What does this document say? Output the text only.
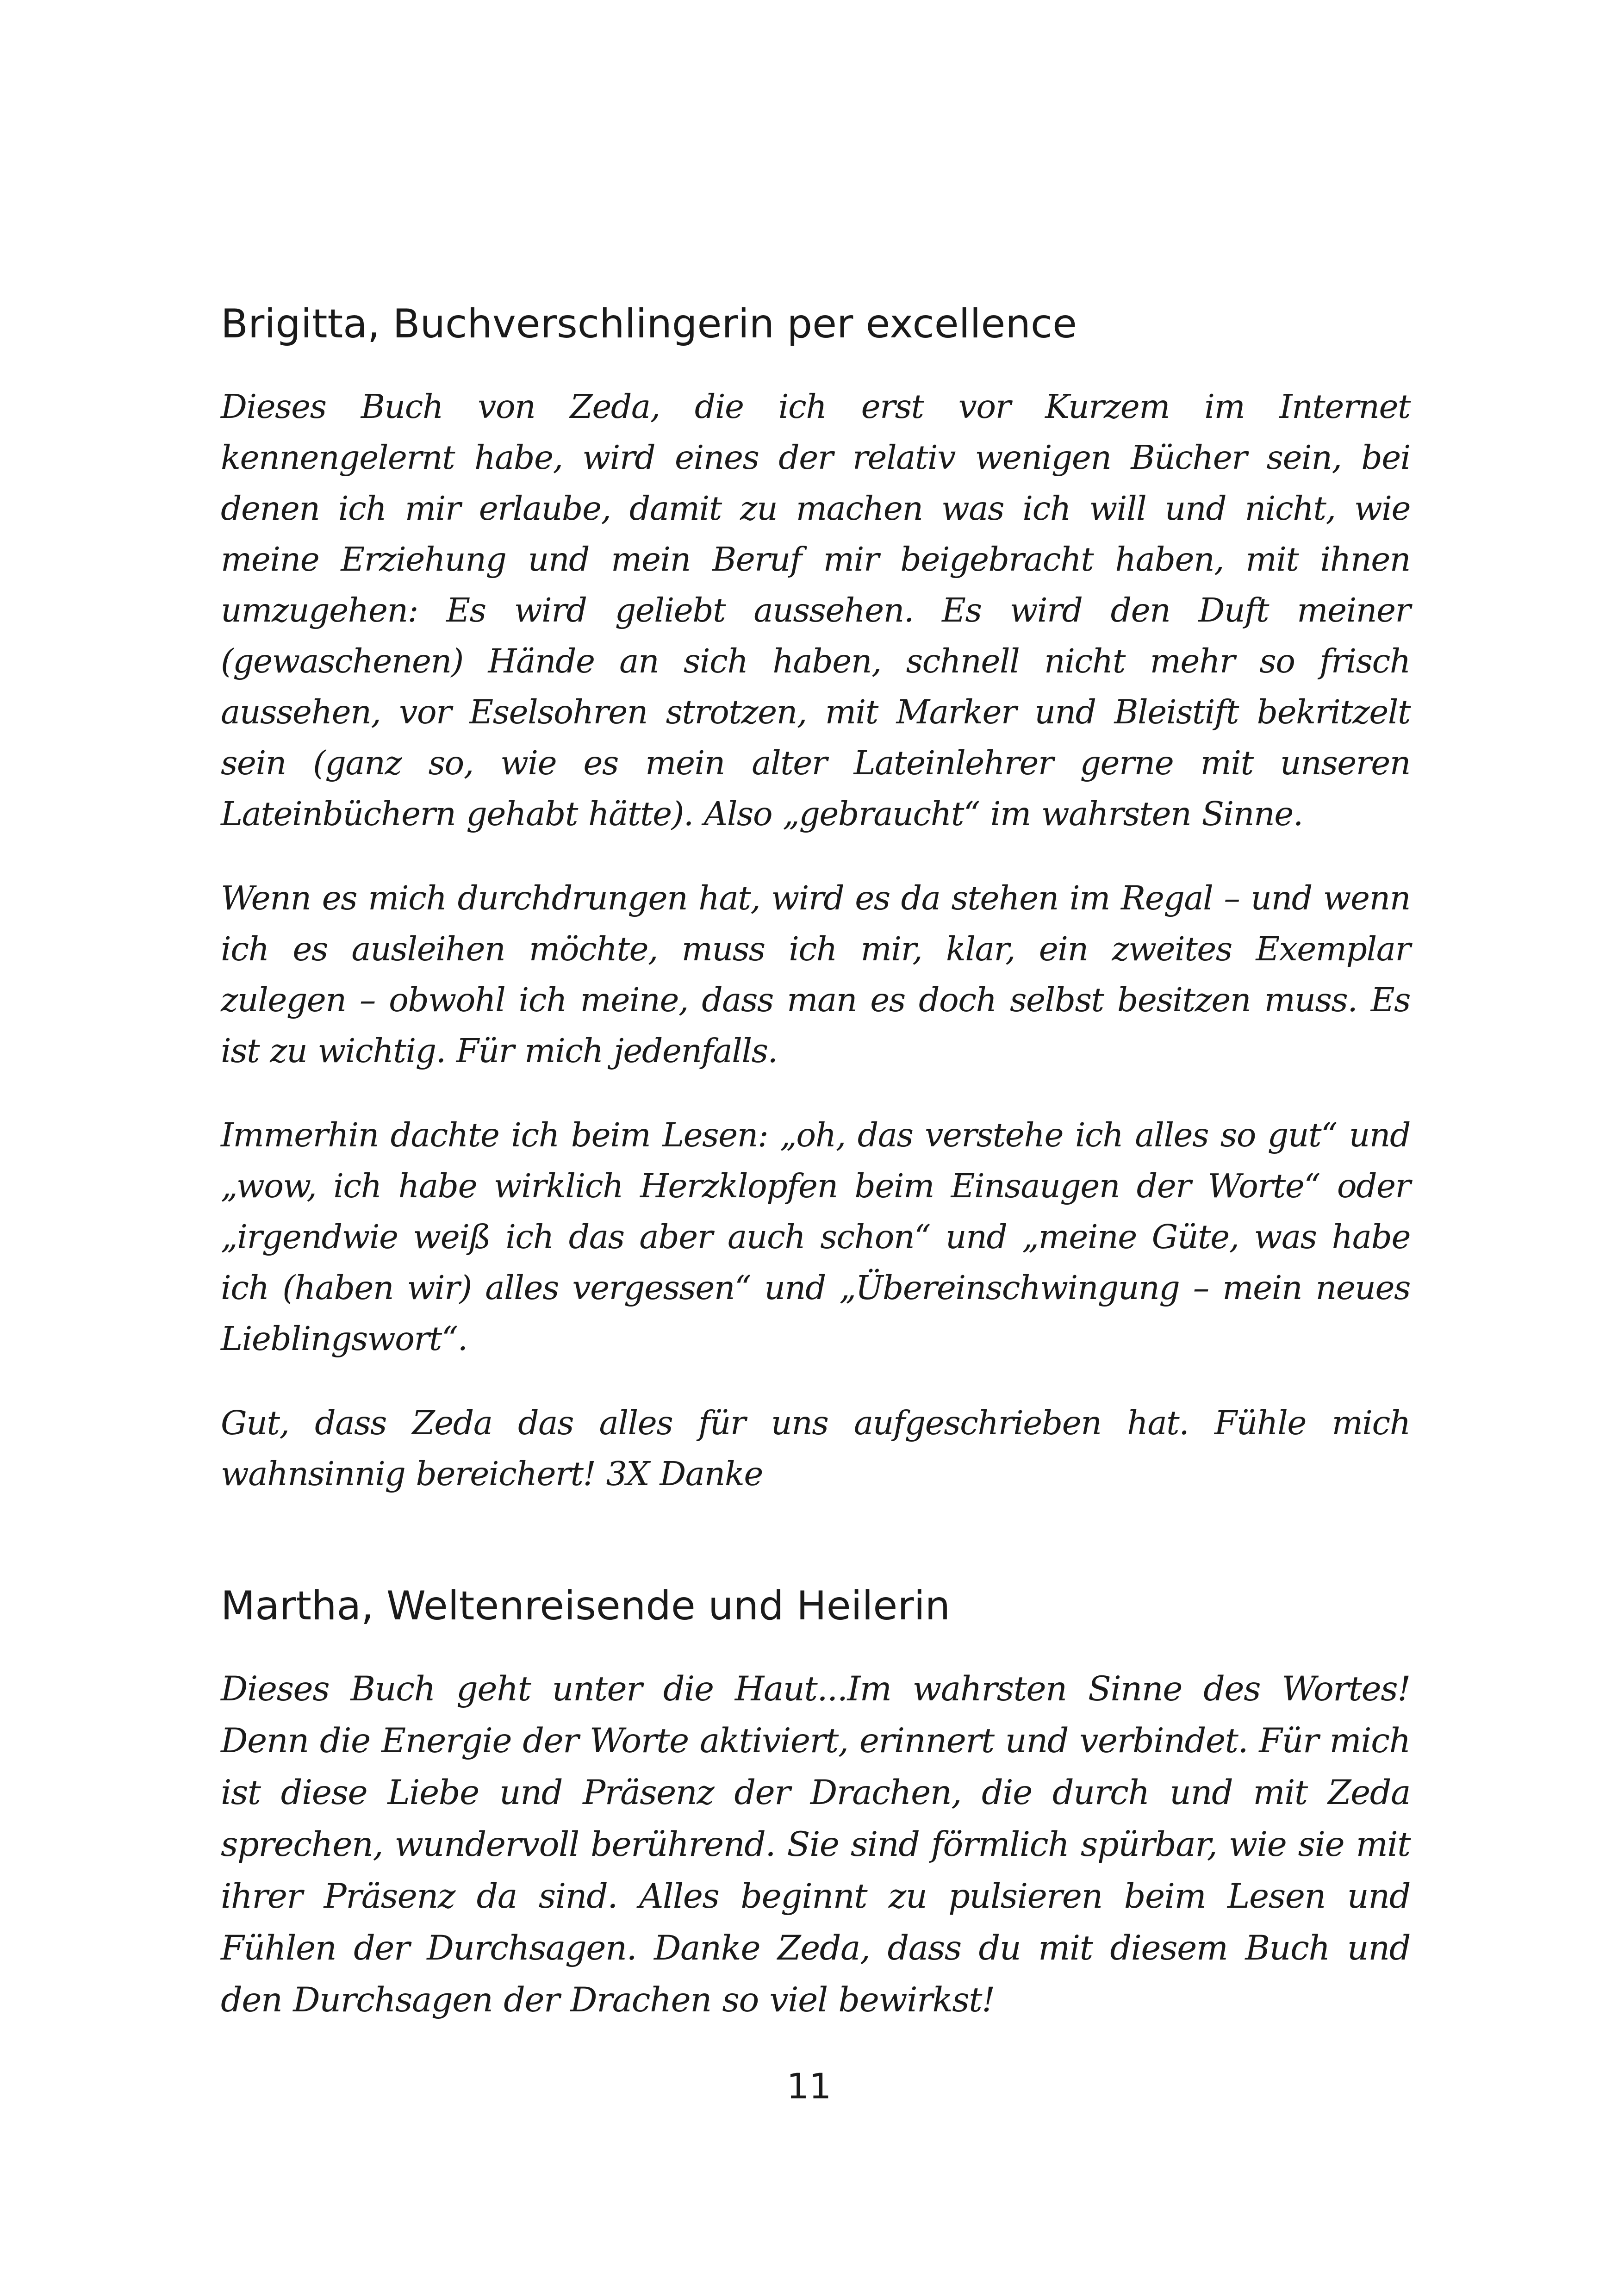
Brigitta, Buchverschlingerin per excellence

Dieses Buch von Zeda, die ich erst vor Kurzem im Internet kennengelernt habe, wird eines der relativ wenigen Bücher sein, bei denen ich mir erlaube, damit zu machen was ich will und nicht, wie meine Erziehung und mein Beruf mir beigebracht haben, mit ihnen umzugehen: Es wird geliebt aussehen. Es wird den Duft meiner (gewaschenen) Hände an sich haben, schnell nicht mehr so frisch aussehen, vor Eselsohren strotzen, mit Marker und Bleistift bekritzelt sein (ganz so, wie es mein alter Lateinlehrer gerne mit unseren Lateinbüchern gehabt hätte). Also „gebraucht“ im wahrsten Sinne.

Wenn es mich durchdrungen hat, wird es da stehen im Regal – und wenn ich es ausleihen möchte, muss ich mir, klar, ein zweites Exemplar zulegen – obwohl ich meine, dass man es doch selbst besitzen muss. Es ist zu wichtig. Für mich jedenfalls.

Immerhin dachte ich beim Lesen: „oh, das verstehe ich alles so gut“ und „wow, ich habe wirklich Herzklopfen beim Einsaugen der Worte“ oder „irgendwie weiß ich das aber auch schon“ und „meine Güte, was habe ich (haben wir) alles vergessen“ und „Übereinschwingung – mein neues Lieblingswort“.

Gut, dass Zeda das alles für uns aufgeschrieben hat. Fühle mich wahnsinnig bereichert! 3X Danke

Martha, Weltenreisende und Heilerin

Dieses Buch geht unter die Haut...Im wahrsten Sinne des Wortes! Denn die Energie der Worte aktiviert, erinnert und verbindet. Für mich ist diese Liebe und Präsenz der Drachen, die durch und mit Zeda sprechen, wundervoll berührend. Sie sind förmlich spürbar, wie sie mit ihrer Präsenz da sind. Alles beginnt zu pulsieren beim Lesen und Fühlen der Durchsagen. Danke Zeda, dass du mit diesem Buch und den Durchsagen der Drachen so viel bewirkst!

11
